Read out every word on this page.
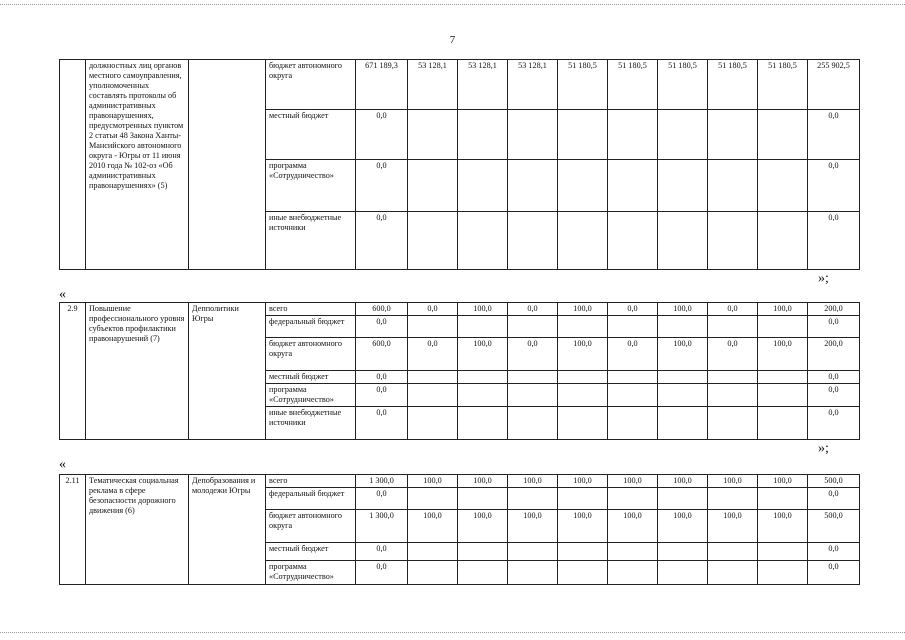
7
	должностных лиц органов местного самоуправления, уполномоченных составлять протоколы об административных правонарушениях, предусмотренных пунктом 2 статьи 48 Закона Ханты-Мансийского автономного округа - Югры от 11 июня 2010 года № 102-оз «Об административных правонарушениях» (5)		бюджет автономного округа	671 189,3	53 128,1	53 128,1	53 128,1	51 180,5	51 180,5	51 180,5	51 180,5	51 180,5	255 902,5
			местный бюджет	0,0									0,0
			программа «Сотрудничество»	0,0									0,0
			иные внебюджетные источники	0,0									0,0
»;
«
2.9	Повышение профессионального уровня субъектов профилактики правонарушений (7)	Депполитики Югры	всего	600,0	0,0	100,0	0,0	100,0	0,0	100,0	0,0	100,0	200,0
			федеральный бюджет	0,0									0,0
			бюджет автономного округа	600,0	0,0	100,0	0,0	100,0	0,0	100,0	0,0	100,0	200,0
			местный бюджет	0,0									0,0
			программа «Сотрудничество»	0,0									0,0
			иные внебюджетные источники	0,0									0,0
»;
«
2.11	Тематическая социальная реклама в сфере безопасности дорожного движения (6)	Депобразования и молодежи Югры	всего	1 300,0	100,0	100,0	100,0	100,0	100,0	100,0	100,0	100,0	500,0
			федеральный бюджет	0,0									0,0
			бюджет автономного округа	1 300,0	100,0	100,0	100,0	100,0	100,0	100,0	100,0	100,0	500,0
			местный бюджет	0,0									0,0
			программа «Сотрудничество»	0,0									0,0
